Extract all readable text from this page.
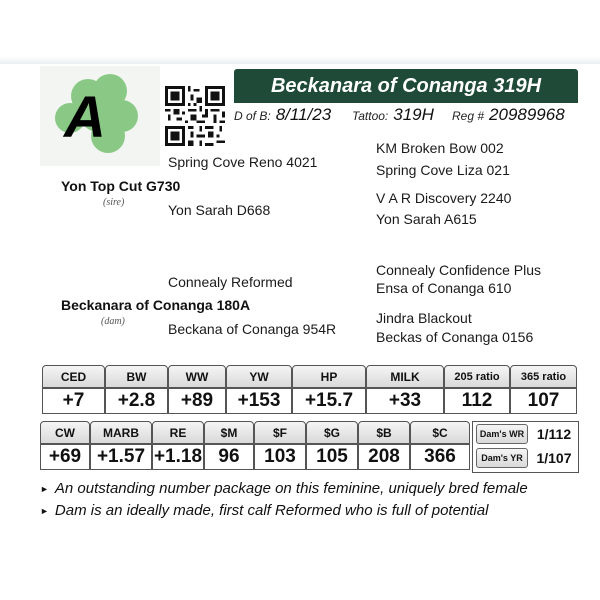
A	Beckanara of Conanga 319H
D of B: 8/11/23 Tattoo: 319H Reg # 20989968
KM Broken Bow 002
Spring Cove Reno 4021	Spring Cove Liza 021
Yon Top Cut G730
(sire)	V A R Discovery 2240
Yon Sarah D668
Yon Sarah A615
Connealy Confidence Plus
Connealy Reformed	Ensa of Conanga 610
Beckanara of Conanga 180A
Jindra Blackout
(dam)	Beckana of Conanga 954R	Beckas of Conanga 0156
CED	BW	WW	YW	HP	MILK	205 ratio	365 ratio
+7	+2.8	+89	+153	+15.7	+33	112	107
CW	MARB	RE	$M	$F	$G	$B	$C
+69	+1.57	+1.18	96	103	105	208	366
Dam's WR 1/112
Dam's YR 1/107
► An outstanding number package on this feminine, uniquely bred female
► Dam is an ideally made, first calf Reformed who is full of potential
